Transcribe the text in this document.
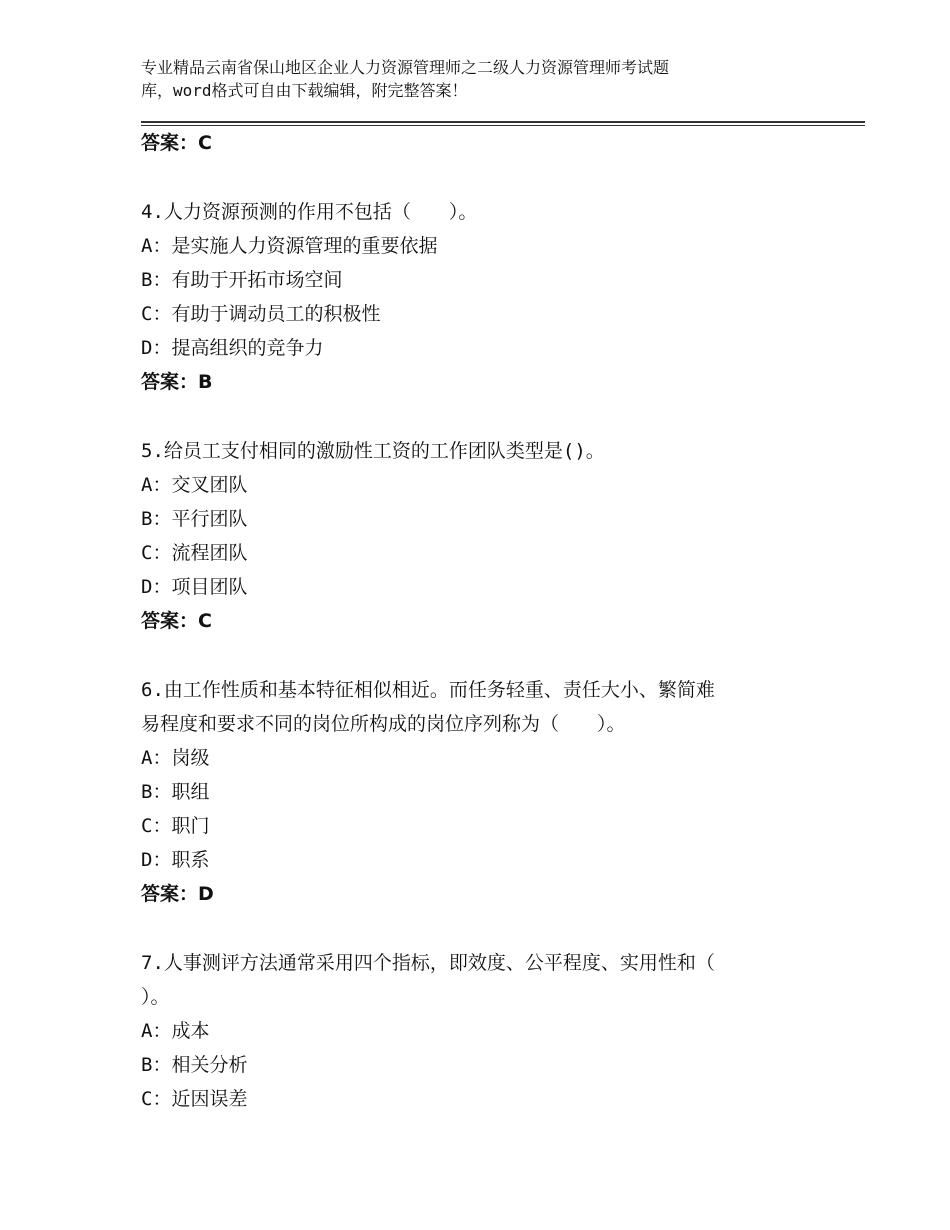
专业精品云南省保山地区企业人力资源管理师之二级人力资源管理师考试题
库，word格式可自由下载编辑，附完整答案！
答案：C
4.人力资源预测的作用不包括（　　）。
A：是实施人力资源管理的重要依据
B：有助于开拓市场空间
C：有助于调动员工的积极性
D：提高组织的竞争力
答案：B
5.给员工支付相同的激励性工资的工作团队类型是()。
A：交叉团队
B：平行团队
C：流程团队
D：项目团队
答案：C
6.由工作性质和基本特征相似相近。而任务轻重、责任大小、繁简难
易程度和要求不同的岗位所构成的岗位序列称为（　　）。
A：岗级
B：职组
C：职门
D：职系
答案：D
7.人事测评方法通常采用四个指标，即效度、公平程度、实用性和（
）。
A：成本
B：相关分析
C：近因误差
